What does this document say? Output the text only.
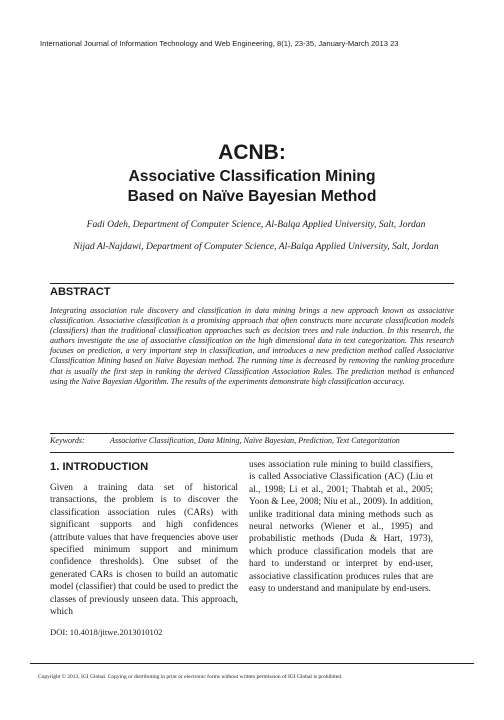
International Journal of Information Technology and Web Engineering, 8(1), 23-35, January-March 2013 23
ACNB:
Associative Classification Mining
Based on Naïve Bayesian Method
Fadi Odeh, Department of Computer Science, Al-Balqa Applied University, Salt, Jordan
Nijad Al-Najdawi, Department of Computer Science, Al-Balqa Applied University, Salt, Jordan
ABSTRACT
Integrating association rule discovery and classification in data mining brings a new approach known as associative classification. Associative classification is a promising approach that often constructs more accurate classification models (classifiers) than the traditional classification approaches such as decision trees and rule induction. In this research, the authors investigate the use of associative classification on the high dimensional data in text categorization. This research focuses on prediction, a very important step in classification, and introduces a new prediction method called Associative Classification Mining based on Naïve Bayesian method. The running time is decreased by removing the ranking procedure that is usually the first step in ranking the derived Classification Association Rules. The prediction method is enhanced using the Naïve Bayesian Algorithm. The results of the experiments demonstrate high classification accuracy.
Keywords:	Associative Classification, Data Mining, Naïve Bayesian, Prediction, Text Categorization
1. INTRODUCTION
Given a training data set of historical transactions, the problem is to discover the classification association rules (CARs) with significant supports and high confidences (attribute values that have frequencies above user specified minimum support and minimum confidence thresholds). One subset of the generated CARs is chosen to build an automatic model (classifier) that could be used to predict the classes of previously unseen data. This approach, which
uses association rule mining to build classifiers, is called Associative Classification (AC) (Liu et al., 1998; Li et al., 2001; Thabtah et al., 2005; Yoon & Lee, 2008; Niu et al., 2009). In addition, unlike traditional data mining methods such as neural networks (Wiener et al., 1995) and probabilistic methods (Duda & Hart, 1973), which produce classification models that are hard to understand or interpret by end-user, associative classification produces rules that are easy to understand and manipulate by end-users.
DOI: 10.4018/jitwe.2013010102
Copyright © 2013, IGI Global. Copying or distributing in print or electronic forms without written permission of IGI Global is prohibited.
